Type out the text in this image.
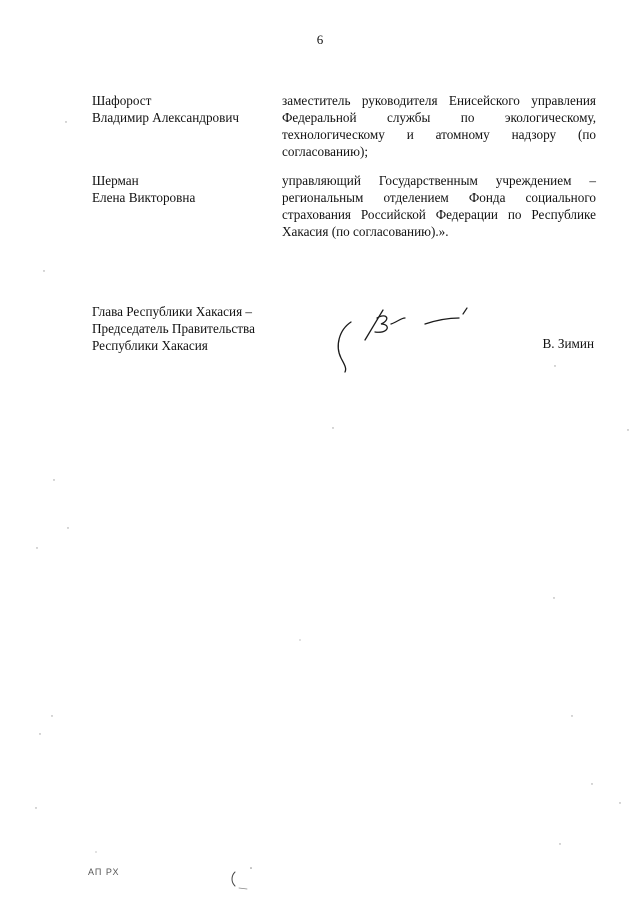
6
Шафорост
Владимир Александрович
заместитель руководителя Енисейского управления Федеральной службы по экологическому, технологическому и атомному надзору (по согласованию);
Шерман
Елена Викторовна
управляющий Государственным учреждением – региональным отделением Фонда социального страхования Российской Федерации по Республике Хакасия (по согласованию).».
Глава Республики Хакасия –
Председатель Правительства
Республики Хакасия	В. Зимин
АП РХ
